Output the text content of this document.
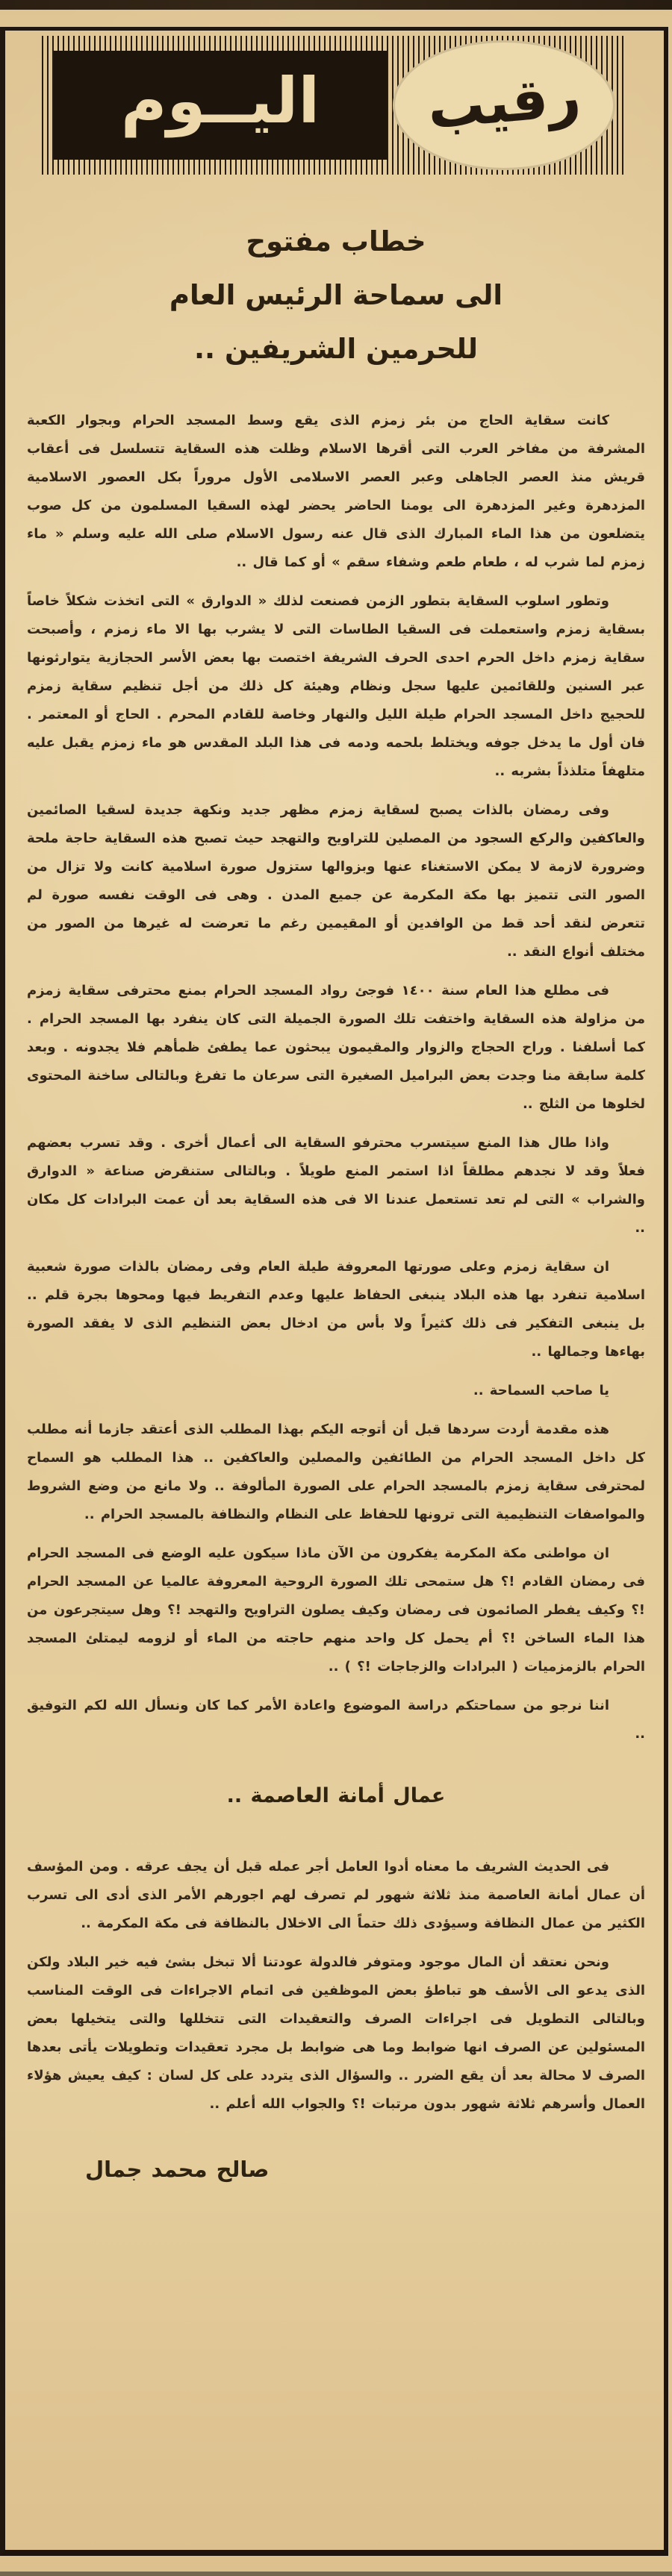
اليــوم رقيب
خطاب مفتوح
الى سماحة الرئيس العام
للحرمين الشريفين ..

كانت سقاية الحاج من بئر زمزم الذى يقع وسط المسجد الحرام وبجوار الكعبة المشرفة من مفاخر العرب التى أقرها الاسلام وظلت هذه السقاية تتسلسل فى أعقاب قريش منذ العصر الجاهلى وعبر العصر الاسلامى الأول مروراً بكل العصور الاسلامية المزدهرة وغير المزدهرة الى يومنا الحاضر يحضر لهذه السقيا المسلمون من كل صوب يتضلعون من هذا الماء المبارك الذى قال عنه رسول الاسلام صلى الله عليه وسلم « ماء زمزم لما شرب له ، طعام طعم وشفاء سقم » أو كما قال ..

وتطور اسلوب السقاية بتطور الزمن فصنعت لذلك « الدوارق » التى اتخذت شكلاً خاصاً بسقاية زمزم واستعملت فى السقيا الطاسات التى لا يشرب بها الا ماء زمزم ، وأصبحت سقاية زمزم داخل الحرم احدى الحرف الشريفة اختصت بها بعض الأسر الحجازية يتوارثونها عبر السنين وللقائمين عليها سجل ونظام وهيئة كل ذلك من أجل تنظيم سقاية زمزم للحجيج داخل المسجد الحرام طيلة الليل والنهار وخاصة للقادم المحرم . الحاج أو المعتمر . فان أول ما يدخل جوفه ويختلط بلحمه ودمه فى هذا البلد المقدس هو ماء زمزم يقبل عليه متلهفاً متلذذاً بشربه ..

وفى رمضان بالذات يصبح لسقاية زمزم مظهر جديد ونكهة جديدة لسقيا الصائمين والعاكفين والركع السجود من المصلين للتراويح والتهجد حيث تصبح هذه السقاية حاجة ملحة وضرورة لازمة لا يمكن الاستغناء عنها وبزوالها ستزول صورة اسلامية كانت ولا تزال من الصور التى تتميز بها مكة المكرمة عن جميع المدن . وهى فى الوقت نفسه صورة لم تتعرض لنقد أحد قط من الوافدين أو المقيمين رغم ما تعرضت له غيرها من الصور من مختلف أنواع النقد ..

فى مطلع هذا العام سنة ١٤٠٠ فوجئ رواد المسجد الحرام بمنع محترفى سقاية زمزم من مزاولة هذه السقاية واختفت تلك الصورة الجميلة التى كان ينفرد بها المسجد الحرام . كما أسلفنا . وراح الحجاج والزوار والمقيمون يبحثون عما يطفئ ظمأهم فلا يجدونه . وبعد كلمة سابقة منا وجدت بعض البراميل الصغيرة التى سرعان ما تفرغ وبالتالى ساخنة المحتوى لخلوها من الثلج ..

واذا طال هذا المنع سيتسرب محترفو السقاية الى أعمال أخرى . وقد تسرب بعضهم فعلاً وقد لا نجدهم مطلقاً اذا استمر المنع طويلاً . وبالتالى ستنقرض صناعة « الدوارق والشراب » التى لم تعد تستعمل عندنا الا فى هذه السقاية بعد أن عمت البرادات كل مكان ..

ان سقاية زمزم وعلى صورتها المعروفة طيلة العام وفى رمضان بالذات صورة شعبية اسلامية تنفرد بها هذه البلاد ينبغى الحفاظ عليها وعدم التفريط فيها ومحوها بجرة قلم .. بل ينبغى التفكير فى ذلك كثيراً ولا بأس من ادخال بعض التنظيم الذى لا يفقد الصورة بهاءها وجمالها ..

يا صاحب السماحة ..

هذه مقدمة أردت سردها قبل أن أتوجه اليكم بهذا المطلب الذى أعتقد جازما أنه مطلب كل داخل المسجد الحرام من الطائفين والمصلين والعاكفين .. هذا المطلب هو السماح لمحترفى سقاية زمزم بالمسجد الحرام على الصورة المألوفة .. ولا مانع من وضع الشروط والمواصفات التنظيمية التى ترونها للحفاظ على النظام والنظافة بالمسجد الحرام ..

ان مواطنى مكة المكرمة يفكرون من الآن ماذا سيكون عليه الوضع فى المسجد الحرام فى رمضان القادم !؟ هل ستمحى تلك الصورة الروحية المعروفة عالميا عن المسجد الحرام !؟ وكيف يفطر الصائمون فى رمضان وكيف يصلون التراويح والتهجد !؟ وهل سيتجرعون من هذا الماء الساخن !؟ أم يحمل كل واحد منهم حاجته من الماء أو لزومه ليمتلئ المسجد الحرام بالزمزميات ( البرادات والزجاجات !؟ ) ..

اننا نرجو من سماحتكم دراسة الموضوع واعادة الأمر كما كان ونسأل الله لكم التوفيق ..

عمال أمانة العاصمة ..

فى الحديث الشريف ما معناه أدوا العامل أجر عمله قبل أن يجف عرقه . ومن المؤسف أن عمال أمانة العاصمة منذ ثلاثة شهور لم تصرف لهم اجورهم الأمر الذى أدى الى تسرب الكثير من عمال النظافة وسيؤدى ذلك حتماً الى الاخلال بالنظافة فى مكة المكرمة ..

ونحن نعتقد أن المال موجود ومتوفر فالدولة عودتنا ألا تبخل بشئ فيه خير البلاد ولكن الذى يدعو الى الأسف هو تباطؤ بعض الموظفين فى اتمام الاجراءات فى الوقت المناسب وبالتالى التطويل فى اجراءات الصرف والتعقيدات التى تتخللها والتى يتخيلها بعض المسئولين عن الصرف انها ضوابط وما هى ضوابط بل مجرد تعقيدات وتطويلات يأتى بعدها الصرف لا محالة بعد أن يقع الضرر .. والسؤال الذى يتردد على كل لسان : كيف يعيش هؤلاء العمال وأسرهم ثلاثة شهور بدون مرتبات !؟ والجواب الله أعلم ..

صالح محمد جمال
